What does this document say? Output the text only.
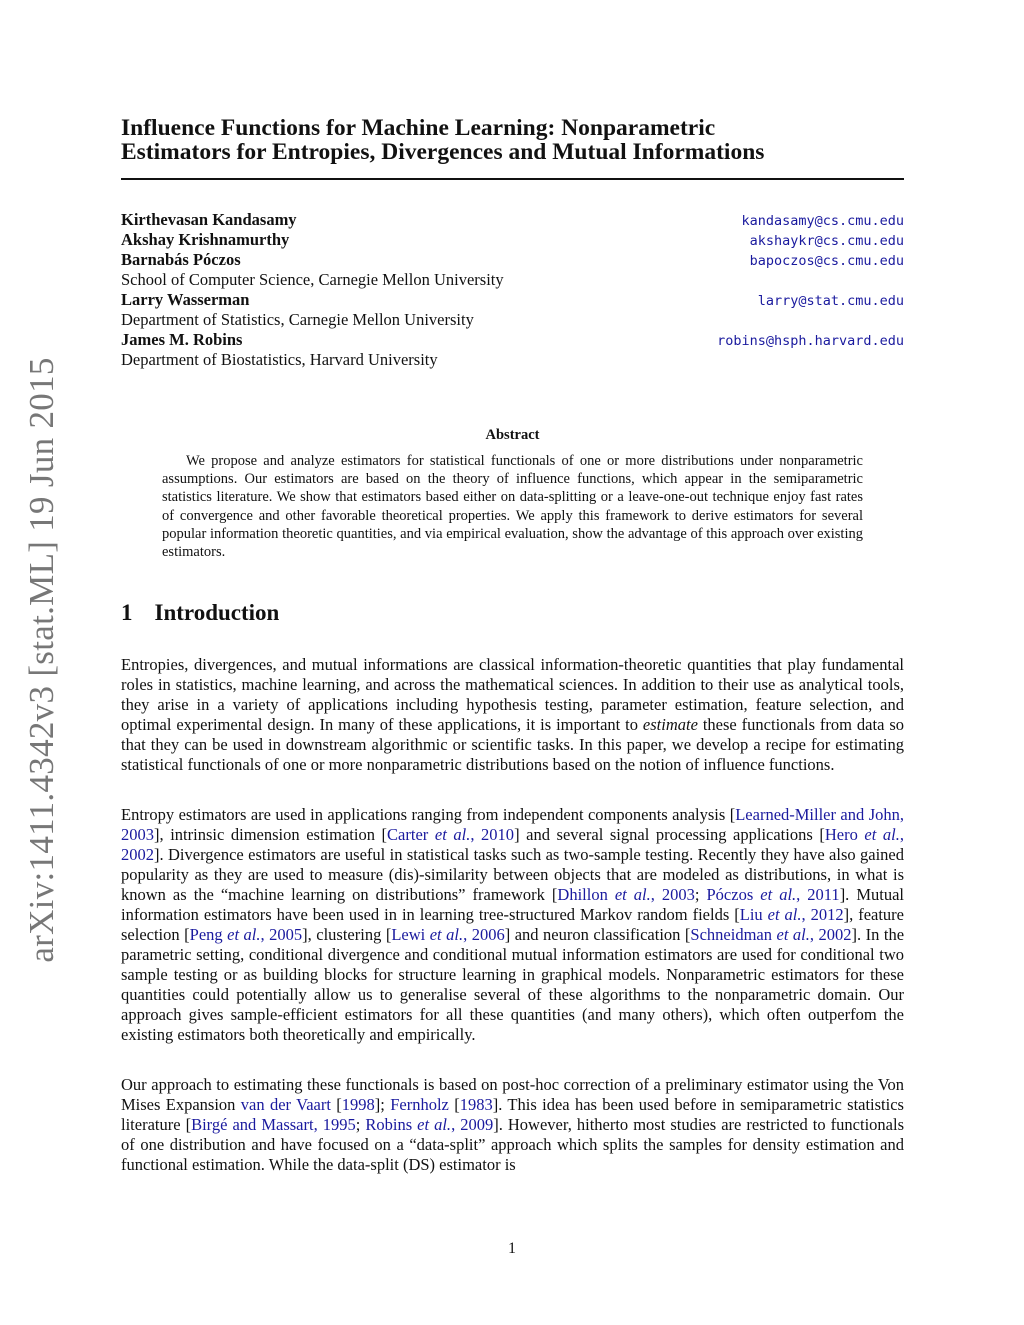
arXiv:1411.4342v3 [stat.ML] 19 Jun 2015
Influence Functions for Machine Learning: Nonparametric
Estimators for Entropies, Divergences and Mutual Informations
Kirthevasan Kandasamy	kandasamy@cs.cmu.edu
Akshay Krishnamurthy	akshaykr@cs.cmu.edu
Barnabás Póczos	bapoczos@cs.cmu.edu
School of Computer Science, Carnegie Mellon University
Larry Wasserman	larry@stat.cmu.edu
Department of Statistics, Carnegie Mellon University
James M. Robins	robins@hsph.harvard.edu
Department of Biostatistics, Harvard University
Abstract

We propose and analyze estimators for statistical functionals of one or more distributions under nonparametric assumptions. Our estimators are based on the theory of influence functions, which appear in the semiparametric statistics literature. We show that estimators based either on data-splitting or a leave-one-out technique enjoy fast rates of convergence and other favorable theoretical properties. We apply this framework to derive estimators for several popular information theoretic quantities, and via empirical evaluation, show the advantage of this approach over existing estimators.

1 Introduction

Entropies, divergences, and mutual informations are classical information-theoretic quantities that play fundamental roles in statistics, machine learning, and across the mathematical sciences. In addition to their use as analytical tools, they arise in a variety of applications including hypothesis testing, parameter estimation, feature selection, and optimal experimental design. In many of these applications, it is important to estimate these functionals from data so that they can be used in downstream algorithmic or scientific tasks. In this paper, we develop a recipe for estimating statistical functionals of one or more nonparametric distributions based on the notion of influence functions.

Entropy estimators are used in applications ranging from independent components analysis [Learned-Miller and John, 2003], intrinsic dimension estimation [Carter et al., 2010] and several signal processing applications [Hero et al., 2002]. Divergence estimators are useful in statistical tasks such as two-sample testing. Recently they have also gained popularity as they are used to measure (dis)-similarity between objects that are modeled as distributions, in what is known as the “machine learning on distributions” framework [Dhillon et al., 2003; Póczos et al., 2011]. Mutual information estimators have been used in in learning tree-structured Markov random fields [Liu et al., 2012], feature selection [Peng et al., 2005], clustering [Lewi et al., 2006] and neuron classification [Schneidman et al., 2002]. In the parametric setting, conditional divergence and conditional mutual information estimators are used for conditional two sample testing or as building blocks for structure learning in graphical models. Nonparametric estimators for these quantities could potentially allow us to generalise several of these algorithms to the nonparametric domain. Our approach gives sample-efficient estimators for all these quantities (and many others), which often outperfom the existing estimators both theoretically and empirically.

Our approach to estimating these functionals is based on post-hoc correction of a preliminary estimator using the Von Mises Expansion van der Vaart [1998]; Fernholz [1983]. This idea has been used before in semiparametric statistics literature [Birgé and Massart, 1995; Robins et al., 2009]. However, hitherto most studies are restricted to functionals of one distribution and have focused on a “data-split” approach which splits the samples for density estimation and functional estimation. While the data-split (DS) estimator is

1
